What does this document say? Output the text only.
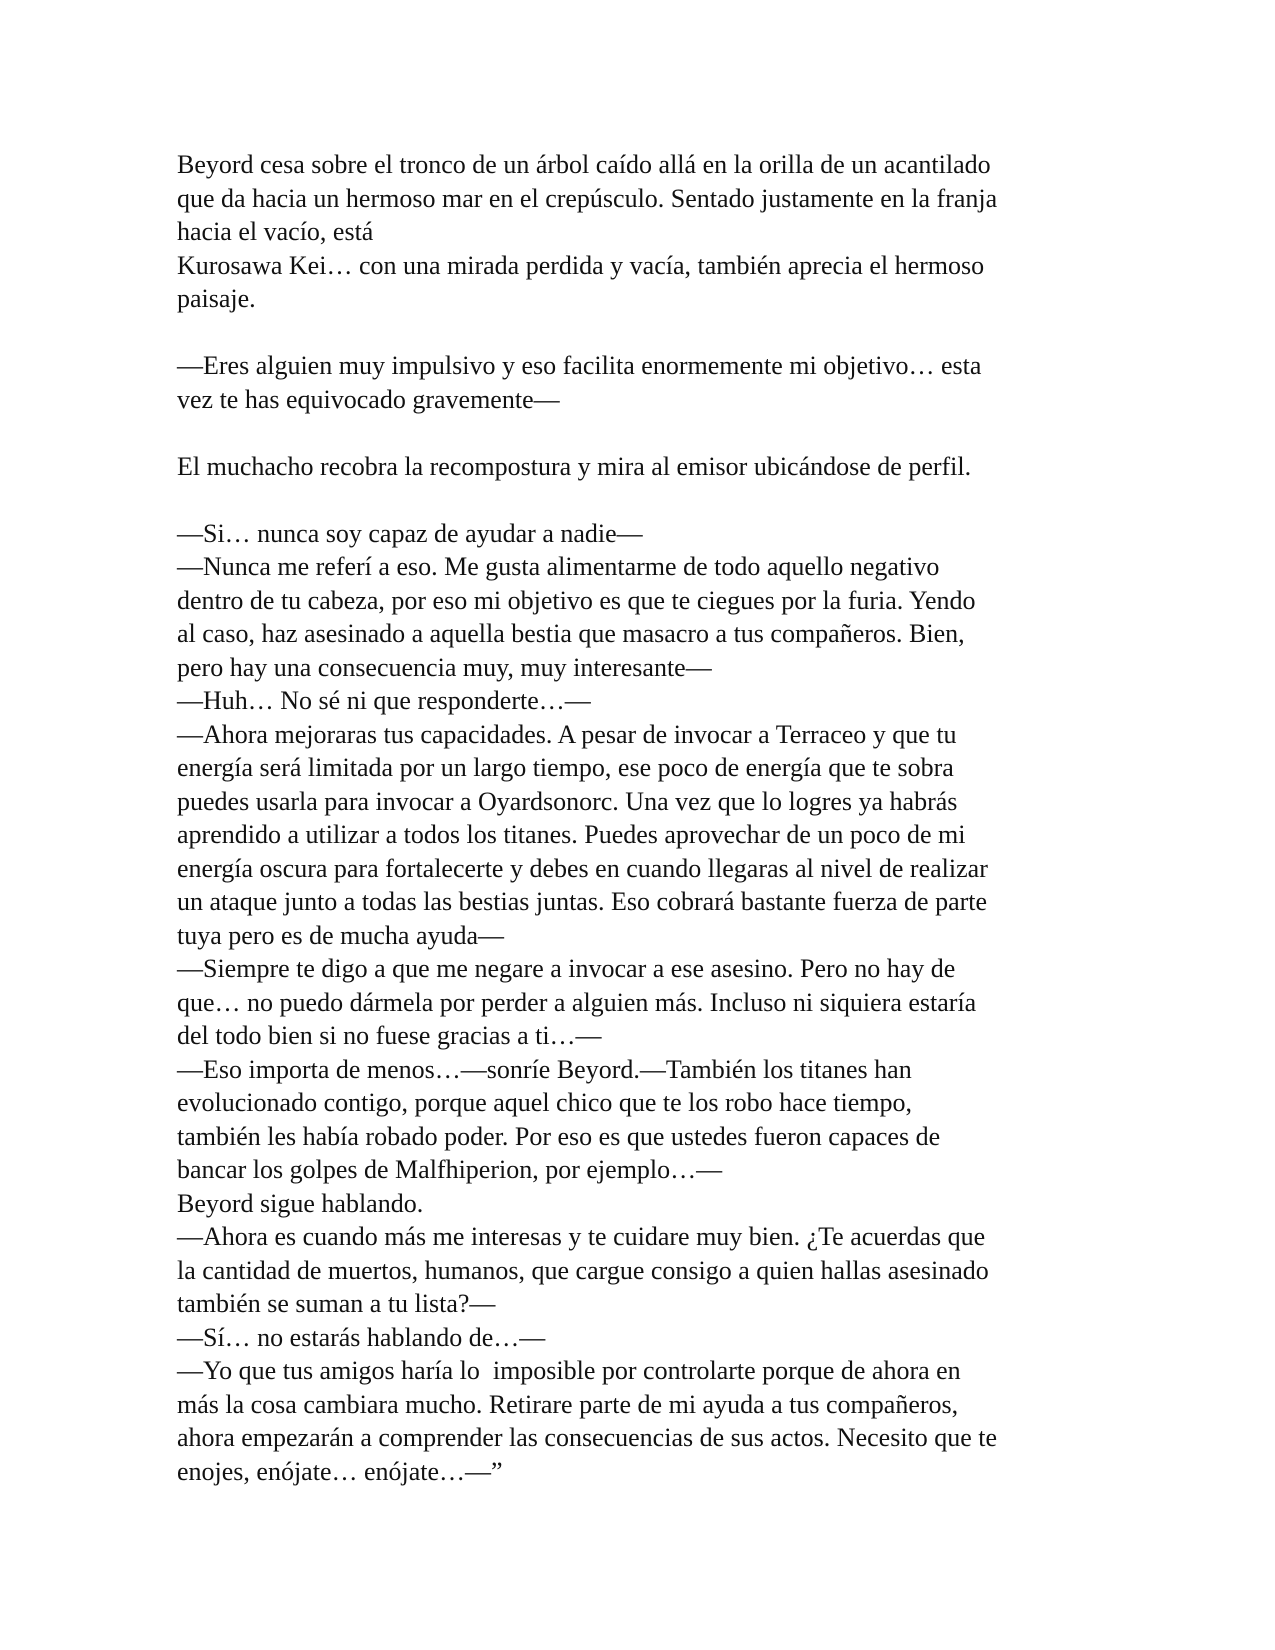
Beyord cesa sobre el tronco de un árbol caído allá en la orilla de un acantilado
que da hacia un hermoso mar en el crepúsculo. Sentado justamente en la franja
hacia el vacío, está
Kurosawa Kei… con una mirada perdida y vacía, también aprecia el hermoso
paisaje.
—Eres alguien muy impulsivo y eso facilita enormemente mi objetivo… esta
vez te has equivocado gravemente—
El muchacho recobra la recompostura y mira al emisor ubicándose de perfil.
—Si… nunca soy capaz de ayudar a nadie—
—Nunca me referí a eso. Me gusta alimentarme de todo aquello negativo
dentro de tu cabeza, por eso mi objetivo es que te ciegues por la furia. Yendo
al caso, haz asesinado a aquella bestia que masacro a tus compañeros. Bien,
pero hay una consecuencia muy, muy interesante—
—Huh… No sé ni que responderte…—
—Ahora mejoraras tus capacidades. A pesar de invocar a Terraceo y que tu
energía será limitada por un largo tiempo, ese poco de energía que te sobra
puedes usarla para invocar a Oyardsonorc. Una vez que lo logres ya habrás
aprendido a utilizar a todos los titanes. Puedes aprovechar de un poco de mi
energía oscura para fortalecerte y debes en cuando llegaras al nivel de realizar
un ataque junto a todas las bestias juntas. Eso cobrará bastante fuerza de parte
tuya pero es de mucha ayuda—
—Siempre te digo a que me negare a invocar a ese asesino. Pero no hay de
que… no puedo dármela por perder a alguien más. Incluso ni siquiera estaría
del todo bien si no fuese gracias a ti…—
—Eso importa de menos…—sonríe Beyord.—También los titanes han
evolucionado contigo, porque aquel chico que te los robo hace tiempo,
también les había robado poder. Por eso es que ustedes fueron capaces de
bancar los golpes de Malfhiperion, por ejemplo…—
Beyord sigue hablando.
—Ahora es cuando más me interesas y te cuidare muy bien. ¿Te acuerdas que
la cantidad de muertos, humanos, que cargue consigo a quien hallas asesinado
también se suman a tu lista?—
—Sí… no estarás hablando de…—
—Yo que tus amigos haría lo  imposible por controlarte porque de ahora en
más la cosa cambiara mucho. Retirare parte de mi ayuda a tus compañeros,
ahora empezarán a comprender las consecuencias de sus actos. Necesito que te
enojes, enójate… enójate…—”
